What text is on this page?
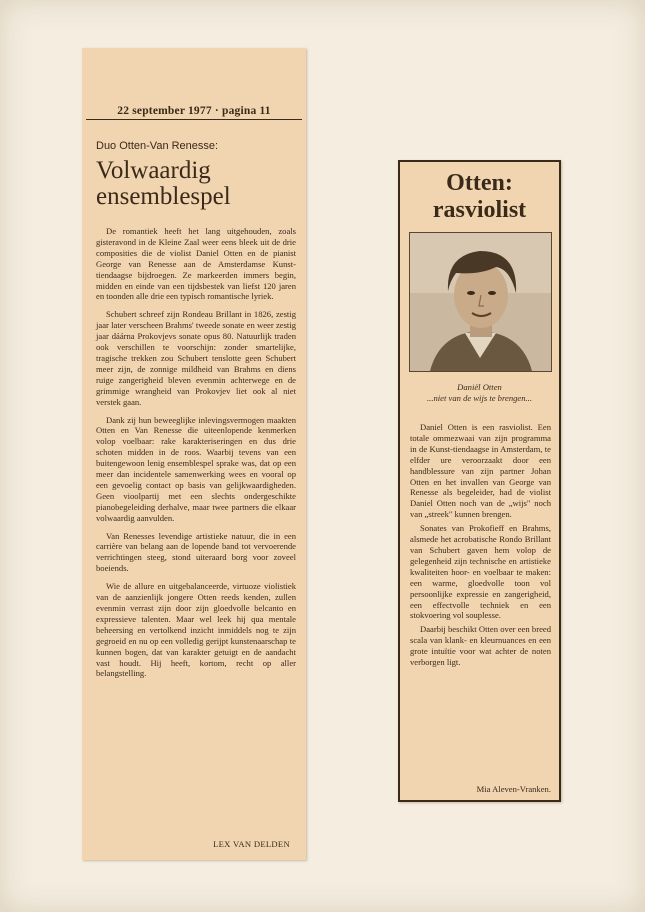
22 september 1977 · pagina 11
Duo Otten-Van Renesse:
Volwaardig ensemblespel

De romantiek heeft het lang uitgehouden, zoals gisteravond in de Kleine Zaal weer eens bleek uit de drie composities die de violist Daniel Otten en de pianist George van Renesse aan de Amsterdamse Kunst-tiendaagse bijdroegen. Ze markeerden immers begin, midden en einde van een tijdsbestek van liefst 120 jaren en toonden alle drie een typisch romantische lyriek.

Schubert schreef zijn Rondeau Brillant in 1826, zestig jaar later verscheen Brahms' tweede sonate en weer zestig jaar dáárna Prokovjevs sonate opus 80. Natuurlijk traden ook verschillen te voorschijn: zonder smartelijke, tragische trekken zou Schubert tenslotte geen Schubert meer zijn, de zonnige mildheid van Brahms en diens ruige zangerigheid bleven evenmin achterwege en de grimmige wrangheid van Prokovjev liet ook al niet verstek gaan.

Dank zij hun beweeglijke inlevingsvermogen maakten Otten en Van Renesse die uiteenlopende kenmerken volop voelbaar: rake karakteriseringen en dus drie schoten midden in de roos. Waarbij tevens van een buitengewoon lenig ensemblespel sprake was, dat op een meer dan incidentele samenwerking wees en vooral op een gevoelig contact op basis van gelijkwaardigheden. Geen vioolpartij met een slechts ondergeschikte pianobegeleiding derhalve, maar twee partners die elkaar volwaardig aanvulden.

Van Renesses levendige artistieke natuur, die in een carrière van belang aan de lopende band tot vervoerende verrichtingen steeg, stond uiteraard borg voor zoveel boeiends.

Wie de allure en uitgebalanceerde, virtuoze violistiek van de aanzienlijk jongere Otten reeds kenden, zullen evenmin verrast zijn door zijn gloedvolle belcanto en expressieve talenten. Maar wel leek hij qua mentale beheersing en vertolkend inzicht inmiddels nog te zijn gegroeid en nu op een volledig gerijpt kunstenaarschap te kunnen bogen, dat van karakter getuigt en de aandacht vast houdt. Hij heeft, kortom, recht op aller belangstelling.

LEX VAN DELDEN
Otten: rasviolist
Daniël Otten
...niet van de wijs te brengen...

Daniel Otten is een rasviolist. Een totale ommezwaai van zijn programma in de Kunst-tiendaagse in Amsterdam, te elfder ure veroorzaakt door een handblessure van zijn partner Johan Otten en het invallen van George van Renesse als begeleider, had de violist Daniel Otten noch van de „wijs" noch van „streek" kunnen brengen.

Sonates van Prokofieff en Brahms, alsmede het acrobatische Rondo Brillant van Schubert gaven hem volop de gelegenheid zijn technische en artistieke kwaliteiten hoor- en voelbaar te maken: een warme, gloedvolle toon vol persoonlijke expressie en zangerigheid, een effectvolle techniek en een stokvoering vol souplesse.

Daarbij beschikt Otten over een breed scala van klank- en kleurnuances en een grote intuïtie voor wat achter de noten verborgen ligt.

Mia Aleven-Vranken.
